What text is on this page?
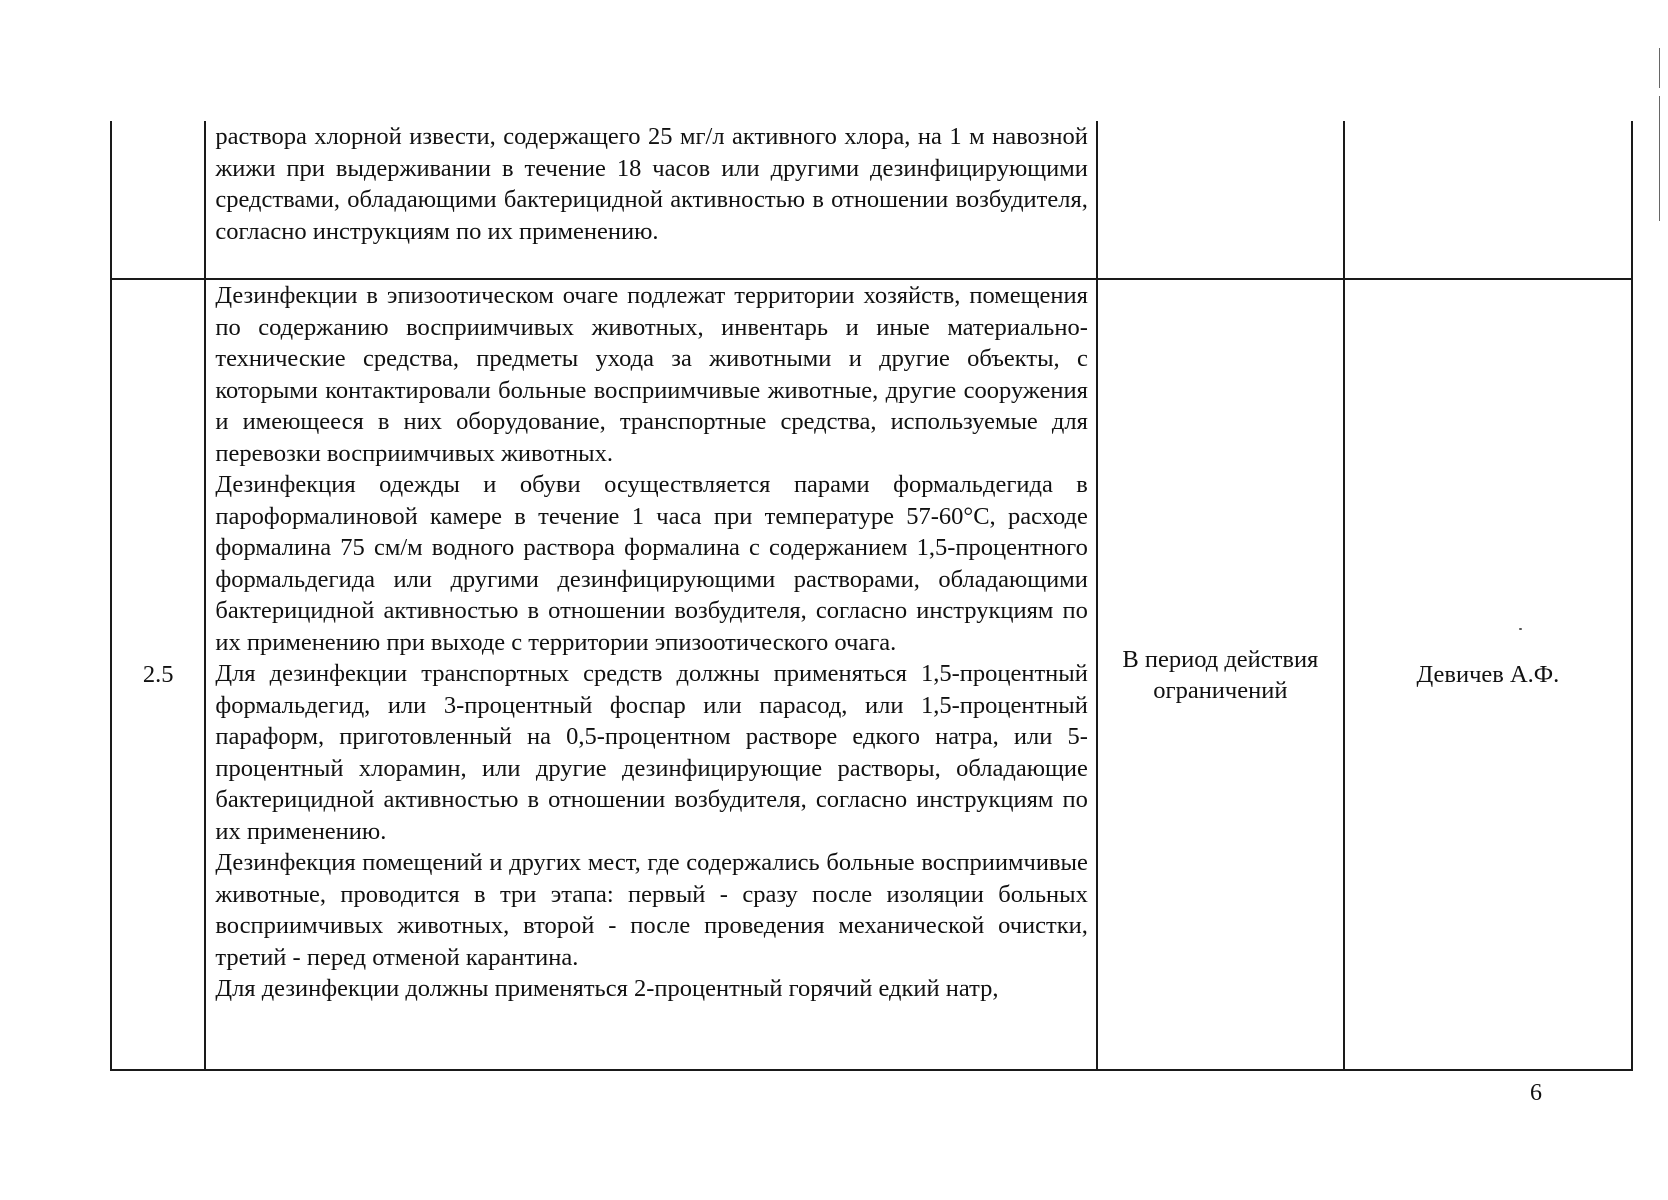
	раствора хлорной извести, содержащего 25 мг/л активного хлора, на 1 м навозной жижи при выдерживании в течение 18 часов или другими дезинфицирующими средствами, обладающими бактерицидной активностью в отношении возбудителя, согласно инструкциям по их применению.		

2.5	Дезинфекции в эпизоотическом очаге подлежат территории хозяйств, помещения по содержанию восприимчивых животных, инвентарь и иные материально-технические средства, предметы ухода за животными и другие объекты, с которыми контактировали больные восприимчивые животные, другие сооружения и имеющееся в них оборудование, транспортные средства, используемые для перевозки восприимчивых животных.

Дезинфекция одежды и обуви осуществляется парами формальдегида в пароформалиновой камере в течение 1 часа при температуре 57-60°С, расходе формалина 75 см/м водного раствора формалина с содержанием 1,5-процентного формальдегида или другими дезинфицирующими растворами, обладающими бактерицидной активностью в отношении возбудителя, согласно инструкциям по их применению при выходе с территории эпизоотического очага.

Для дезинфекции транспортных средств должны применяться 1,5-процентный формальдегид, или 3-процентный фоспар или парасод, или 1,5-процентный параформ, приготовленный на 0,5-процентном растворе едкого натра, или 5-процентный хлорамин, или другие дезинфицирующие растворы, обладающие бактерицидной активностью в отношении возбудителя, согласно инструкциям по их применению.

Дезинфекция помещений и других мест, где содержались больные восприимчивые животные, проводится в три этапа: первый - сразу после изоляции больных восприимчивых животных, второй - после проведения механической очистки, третий - перед отменой карантина.

Для дезинфекции должны применяться 2-процентный горячий едкий натр,	В период действия ограничений	Девичев А.Ф.
6
